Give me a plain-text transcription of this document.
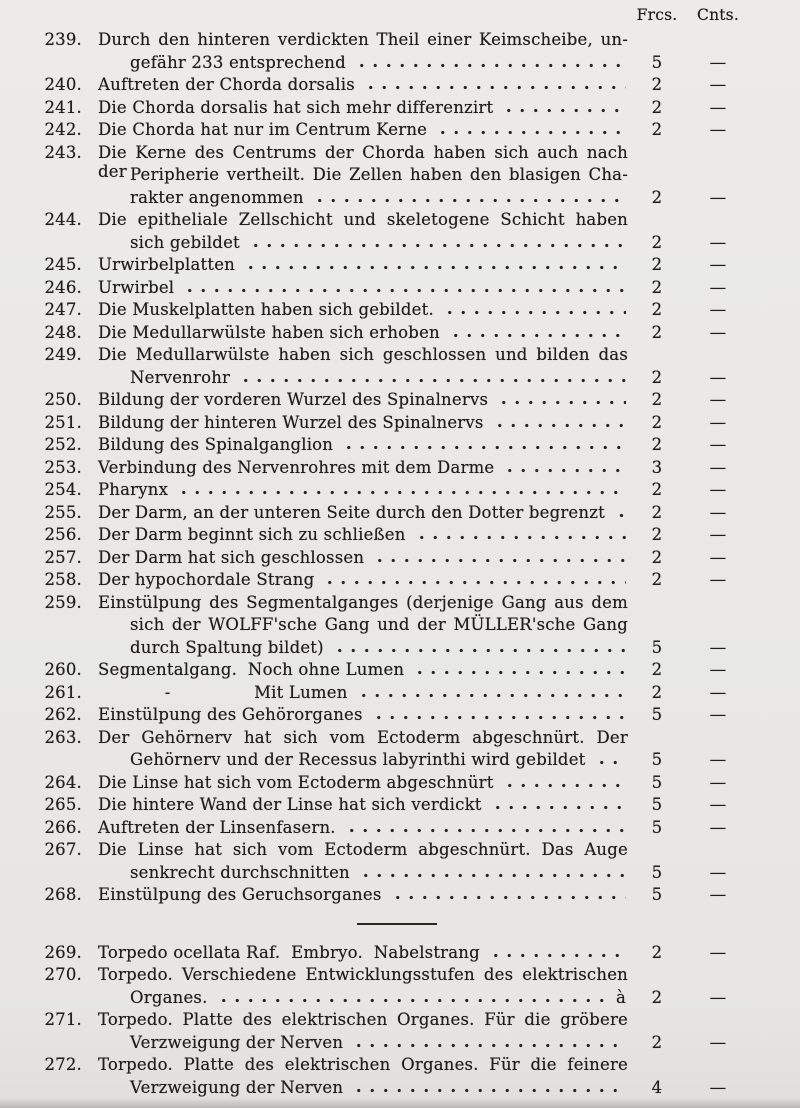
Frcs.	Cnts.
239. Durch den hinteren verdickten Theil einer Keimscheibe, un-
gefähr 233 entsprechend	5	—
240. Auftreten der Chorda dorsalis	2	—
241. Die Chorda dorsalis hat sich mehr differenzirt	2	—
242. Die Chorda hat nur im Centrum Kerne	2	—
243. Die Kerne des Centrums der Chorda haben sich auch nach der Peripherie vertheilt. Die Zellen haben den blasigen Cha-
rakter angenommen	2	—
244. Die epitheliale Zellschicht und skeletogene Schicht haben
sich gebildet	2	—
245. Urwirbelplatten	2	—
246. Urwirbel	2	—
247. Die Muskelplatten haben sich gebildet.	2	—
248. Die Medullarwülste haben sich erhoben	2	—
249. Die Medullarwülste haben sich geschlossen und bilden das
Nervenrohr	2	—
250. Bildung der vorderen Wurzel des Spinalnervs	2	—
251. Bildung der hinteren Wurzel des Spinalnervs	2	—
252. Bildung des Spinalganglion	2	—
253. Verbindung des Nervenrohres mit dem Darme	3	—
254. Pharynx	2	—
255. Der Darm, an der unteren Seite durch den Dotter begrenzt	2	—
256. Der Darm beginnt sich zu schließen	2	—
257. Der Darm hat sich geschlossen	2	—
258. Der hypochordale Strang	2	—
259. Einstülpung des Segmentalganges (derjenige Gang aus dem
sich der WOLFF'sche Gang und der MÜLLER'sche Gang
durch Spaltung bildet)	5	—
260. Segmentalgang.  Noch ohne Lumen	2	—
261.     -     Mit Lumen	2	—
262. Einstülpung des Gehörorganes	5	—
263. Der Gehörnerv hat sich vom Ectoderm abgeschnürt. Der
Gehörnerv und der Recessus labyrinthi wird gebildet	5	—
264. Die Linse hat sich vom Ectoderm abgeschnürt	5	—
265. Die hintere Wand der Linse hat sich verdickt	5	—
266. Auftreten der Linsenfasern.	5	—
267. Die Linse hat sich vom Ectoderm abgeschnürt. Das Auge
senkrecht durchschnitten	5	—
268. Einstülpung des Geruchsorganes	5	—
269. Torpedo ocellata Raf.  Embryo.  Nabelstrang	2	—
270. Torpedo. Verschiedene Entwicklungsstufen des elektrischen
Organes.	à	2	—
271. Torpedo. Platte des elektrischen Organes. Für die gröbere
Verzweigung der Nerven	2	—
272. Torpedo. Platte des elektrischen Organes. Für die feinere
Verzweigung der Nerven	4	—
